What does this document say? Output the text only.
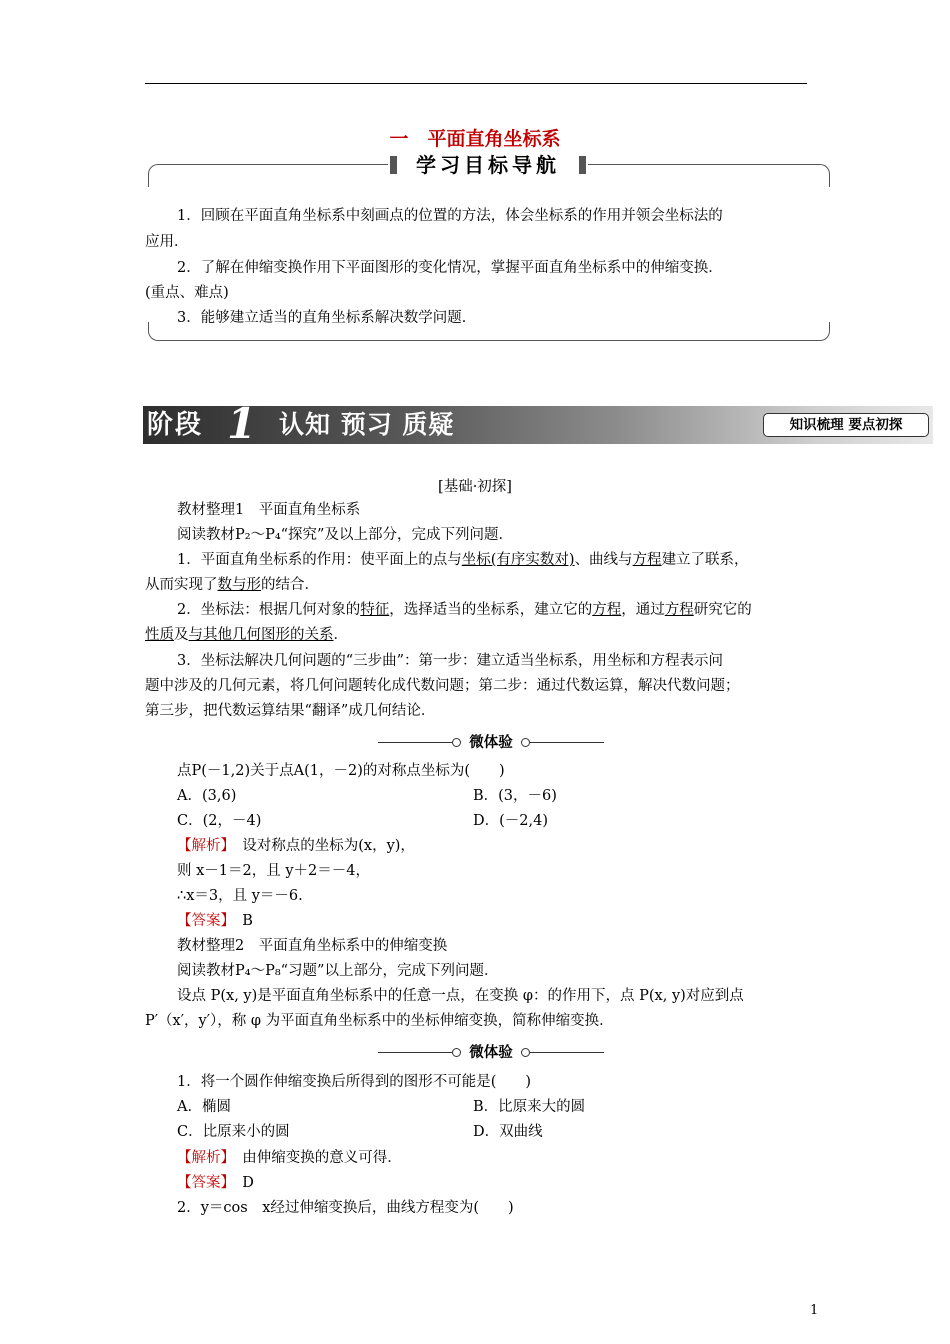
一　平面直角坐标系
学习目标导航
1．回顾在平面直角坐标系中刻画点的位置的方法，体会坐标系的作用并领会坐标法的
应用．
2．了解在伸缩变换作用下平面图形的变化情况，掌握平面直角坐标系中的伸缩变换．
(重点、难点)
3．能够建立适当的直角坐标系解决数学问题．
阶段 1 认知 预习 质疑	知识梳理 要点初探
[基础·初探]
教材整理1　平面直角坐标系
阅读教材P₂～P₄“探究”及以上部分，完成下列问题．
1．平面直角坐标系的作用：使平面上的点与坐标(有序实数对)、曲线与方程建立了联系，
从而实现了数与形的结合．
2．坐标法：根据几何对象的特征，选择适当的坐标系，建立它的方程，通过方程研究它的
性质及与其他几何图形的关系．
3．坐标法解决几何问题的“三步曲”：第一步：建立适当坐标系，用坐标和方程表示问
题中涉及的几何元素，将几何问题转化成代数问题；第二步：通过代数运算，解决代数问题；
第三步，把代数运算结果“翻译”成几何结论．
微体验
点P(－1,2)关于点A(1，－2)的对称点坐标为(　　)
A．(3,6)	B．(3，－6)
C．(2，－4)	D．(－2,4)
【解析】　设对称点的坐标为(x，y)，
则 x－1＝2，且 y＋2＝－4，
∴x＝3，且 y＝－6.
【答案】　B
教材整理2　平面直角坐标系中的伸缩变换
阅读教材P₄～P₈“习题”以上部分，完成下列问题．
设点 P(x, y)是平面直角坐标系中的任意一点，在变换 φ：的作用下，点 P(x, y)对应到点
P′（x′，y′），称 φ 为平面直角坐标系中的坐标伸缩变换，简称伸缩变换．
微体验
1．将一个圆作伸缩变换后所得到的图形不可能是(　　)
A．椭圆	B．比原来大的圆
C．比原来小的圆	D．双曲线
【解析】　由伸缩变换的意义可得．
【答案】　D
2．y＝cos　x经过伸缩变换后，曲线方程变为(　　)
1
